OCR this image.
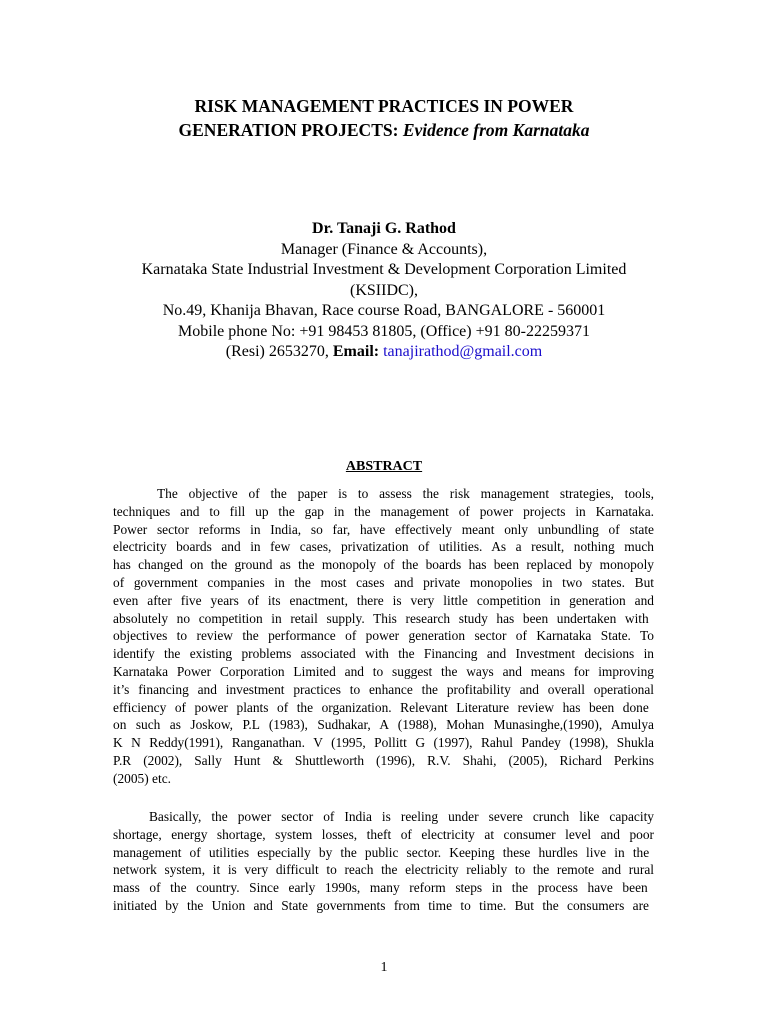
RISK MANAGEMENT PRACTICES IN POWER
GENERATION PROJECTS: Evidence from Karnataka
Dr. Tanaji G. Rathod
Manager (Finance & Accounts),
Karnataka State Industrial Investment & Development Corporation Limited
(KSIIDC),
No.49, Khanija Bhavan, Race course Road, BANGALORE - 560001
Mobile phone No: +91 98453 81805, (Office) +91 80-22259371
(Resi) 2653270, Email: tanajirathod@gmail.com
ABSTRACT
The objective of the paper is to assess the risk management strategies, tools,
techniques and to fill up the gap in the management of power projects in Karnataka.
Power sector reforms in India, so far, have effectively meant only unbundling of state
electricity boards and in few cases, privatization of utilities. As a result, nothing much
has changed on the ground as the monopoly of the boards has been replaced by monopoly
of government companies in the most cases and private monopolies in two states. But
even after five years of its enactment, there is very little competition in generation and
absolutely no competition in retail supply. This research study has been undertaken with
objectives to review the performance of power generation sector of Karnataka State. To
identify the existing problems associated with the Financing and Investment decisions in
Karnataka Power Corporation Limited and to suggest the ways and means for improving
it’s financing and investment practices to enhance the profitability and overall operational
efficiency of power plants of the organization. Relevant Literature review has been done
on such as Joskow, P.L (1983), Sudhakar, A (1988), Mohan Munasinghe,(1990), Amulya
K N Reddy(1991), Ranganathan. V (1995, Pollitt G (1997), Rahul Pandey (1998), Shukla
P.R (2002), Sally Hunt & Shuttleworth (1996), R.V. Shahi, (2005), Richard Perkins
(2005) etc.
Basically, the power sector of India is reeling under severe crunch like capacity
shortage, energy shortage, system losses, theft of electricity at consumer level and poor
management of utilities especially by the public sector. Keeping these hurdles live in the
network system, it is very difficult to reach the electricity reliably to the remote and rural
mass of the country. Since early 1990s, many reform steps in the process have been
initiated by the Union and State governments from time to time. But the consumers are
1
